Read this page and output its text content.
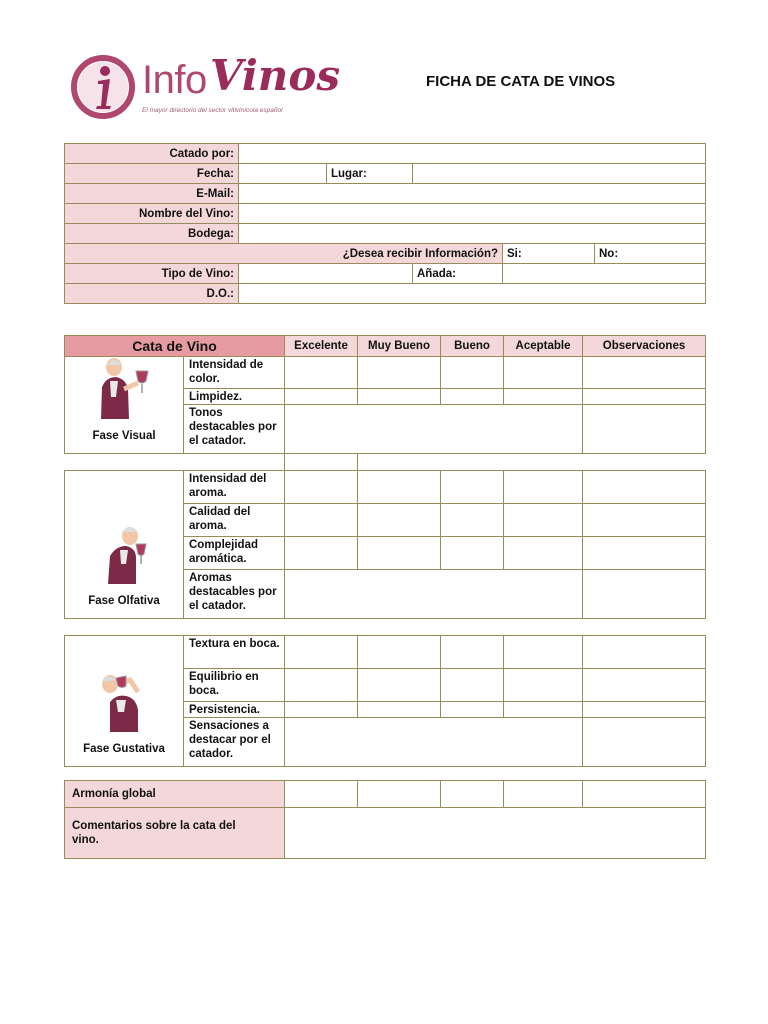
Info Vinos
El mayor directorio del sector vitivinícola español
FICHA DE CATA DE VINOS
Catado por:					
Fecha:		Lugar:			
E-Mail:					
Nombre del Vino:					
Bodega:					
¿Desea recibir Información?				Si:	No:
Tipo de Vino:			Añada:		
D.O.:					
Cata de Vino		Excelente	Muy Bueno	Bueno	Aceptable	Observaciones

Fase Visual	Intensidad de color.					
	Limpidez.					
	Tonos destacables por el catador.					

Fase Olfativa	Intensidad del aroma.					
	Calidad del aroma.					
	Complejidad aromática.					
	Aromas destacables por el catador.					
Fase Gustativa	Textura en boca.					
	Equilibrio en boca.					
	Persistencia.					
	Sensaciones a destacar por el catador.					
Armonía global					
Comentarios sobre la cata del vino.					
